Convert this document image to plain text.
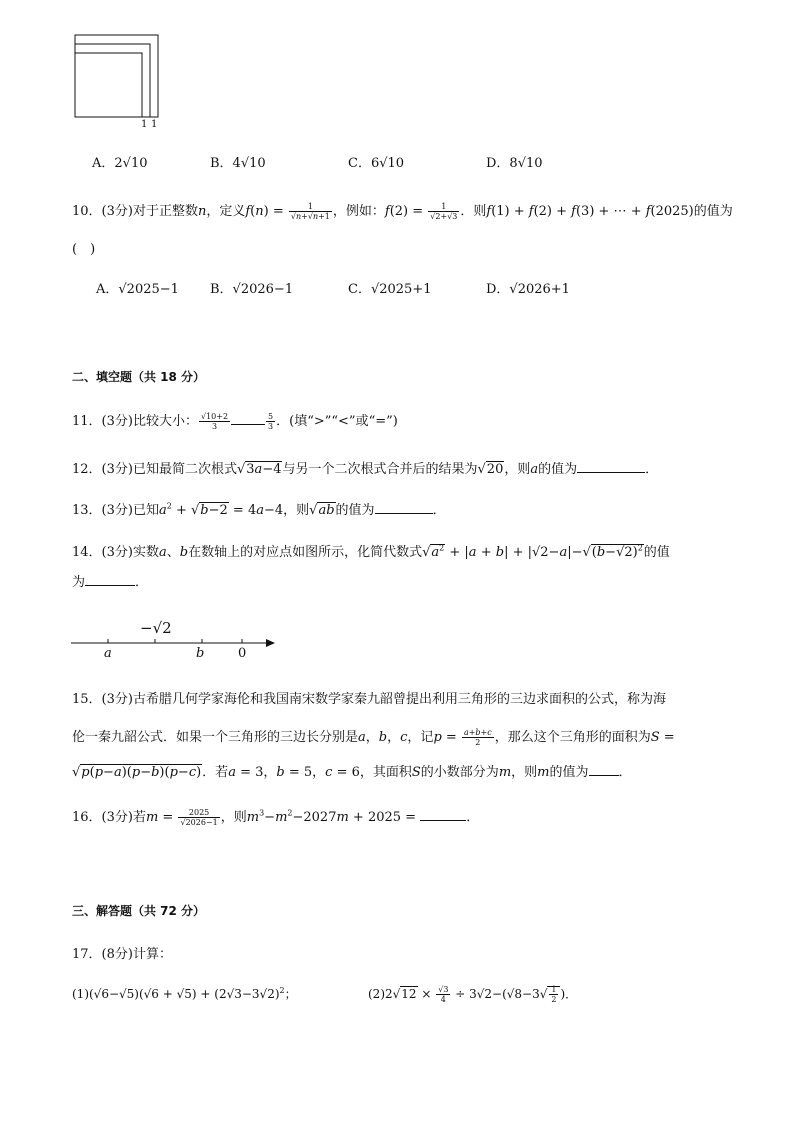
1 1
A．2√10	B．4√10	C．6√10	D．8√10
10．(3分)对于正整数n，定义$f(n) = \frac{1}{√n+√n+1}$ ，例如：$f(2) = \frac{1}{√2+√3}$ ．则f(1) + f(2) + f(3) + ⋯ + f(2025)的值为
(　)
A．√2025−1 B．√2026−1	C．√2025+1	D．√2026+1
二、填空题（共 18 分）
11．(3分)比较大小： $\frac{√10+2}{3}$	$\frac{5}{3}$ ．(填“>”“<”或“=”)
12．(3分)已知最简二次根式√3a−4与另一个二次根式合并后的结果为√20，则a的值为	．
13．(3分)已知$a^2 + √b-2 = 4a-4$，则√ab的值为	．
14．(3分)实数a、b在数轴上的对应点如图所示，化简代数式$√a^2 + |a + b| + |√2-a|-√(b-√2)^2$的值
为	．
−√2
a	b	0
15．(3分)古希腊几何学家海伦和我国南宋数学家秦九韶曾提出利用三角形的三边求面积的公式，称为海
伦一秦九韶公式．如果一个三角形的三边长分别是a，b，c，记$p = \frac{a+b+c}{2}$ ，那么这个三角形的面积为S =
√p(p−a)(p−b)(p−c)．若a = 3，b = 5，c = 6，其面积S的小数部分为m，则m的值为 ．
16．(3分)若$m = \frac{2025}{√2026-1}$ ，则$m^3-m^2-2027m + 2025$ =	．
三、解答题（共 72 分）
17．(8分)计算：
$(1)(√6-√5)(√6 + √5) + (2√3-3√2)^2$；	$(2)2√12 \times \frac{√3}{4} \div 3√2-(√8-3√ \frac{1}{2}$ )．
